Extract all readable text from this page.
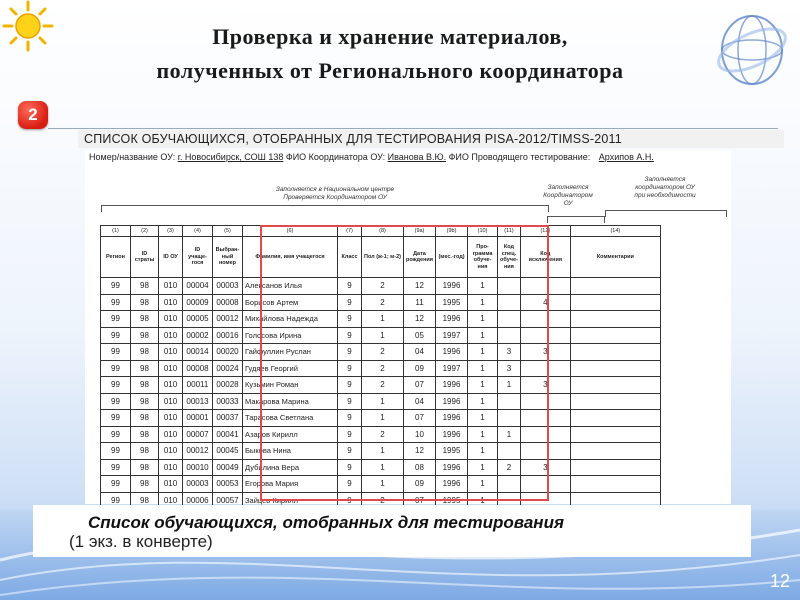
Проверка и хранение материалов,
полученных от Регионального координатора
2
СПИСОК ОБУЧАЮЩИХСЯ, ОТОБРАННЫХ ДЛЯ ТЕСТИРОВАНИЯ PISA-2012/TIMSS-2011
Номер/название ОУ: г. Новосибирск, СОШ 138 ФИО Координатора ОУ: Иванова В.Ю. ФИО Проводящего тестирование: Архипов А.Н.
Заполняется в Национальном центре
Проверяется Координатором ОУ
Заполняется
Координатором
ОУ
Заполняется
координатором ОУ
при необходимости
(1)	(2)	(3)	(4)	(5)	(6)	(7)	(8)	(9a)	(9b)	(10)	(11)	(12)	(14)
Регион	ID страты	ID ОУ	ID учаще-гося	Выбран-ный номер	Фамилия, имя учащегося	Класс	Пол (ж-1; м-2)	Дата рождения	(мес.-год)	Про-грамма обуче-ния	Код спец. обуче-ния	Код исключения	Комментарии
99	98	010	00004	00003	Алексанов Илья	9	2	12	1996	1			
99	98	010	00009	00008	Борисов Артем	9	2	11	1995	1		4	
99	98	010	00005	00012	Михайлова Надежда	9	1	12	1996	1			
99	98	010	00002	00016	Голосова Ирина	9	1	05	1997	1			
99	98	010	00014	00020	Гайфуллин Руслан	9	2	04	1996	1	3	3	
99	98	010	00008	00024	Гудяев Георгий	9	2	09	1997	1	3		
99	98	010	00011	00028	Кузьмин Роман	9	2	07	1996	1	1	3	
99	98	010	00013	00033	Макарова Марина	9	1	04	1996	1			
99	98	010	00001	00037	Тарасова Светлана	9	1	07	1996	1			
99	98	010	00007	00041	Азаров Кирилл	9	2	10	1996	1	1		
99	98	010	00012	00045	Быкова Нина	9	1	12	1995	1			
99	98	010	00010	00049	Дубилина Вера	9	1	08	1996	1	2	3	
99	98	010	00003	00053	Егорова Мария	9	1	09	1996	1			
99	98	010	00006	00057	Зайцев Кирилл	9	2	07	1995	1			
Список обучающихся, отобранных для тестирования
(1 экз. в конверте)
12
